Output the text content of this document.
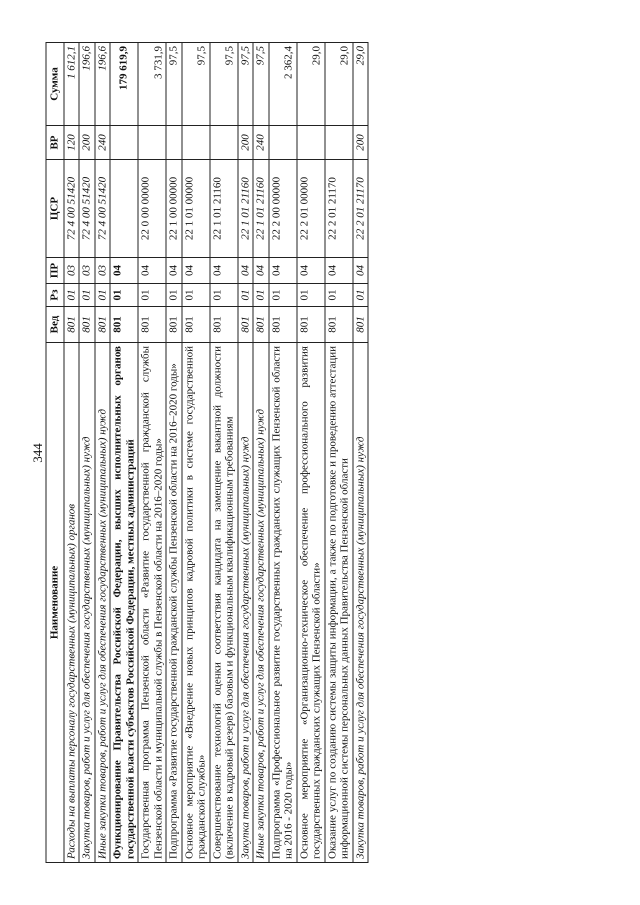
344
Наименование	Вед	Рз	ПР	ЦСР	ВР	Сумма
Расходы на выплаты персоналу государственных (муниципальных) органов	801	01	03	72 4 00 51420	120	1 612,1
Закупка товаров, работ и услуг для обеспечения государственных (муниципальных) нужд	801	01	03	72 4 00 51420	200	196,6
Иные закупки товаров, работ и услуг для обеспечения государственных (муниципальных) нужд	801	01	03	72 4 00 51420	240	196,6
Функционирование Правительства Российской Федерации, высших исполнительных органов государственной власти субъектов Российской Федерации, местных администраций	801	01	04			179 619,9
Государственная программа Пензенской области «Развитие государственной гражданской службы Пензенской области и муниципальной службы в Пензенской области на 2016–2020 годы»	801	01	04	22 0 00 00000		3 731,9
Подпрограмма «Развитие государственной гражданской службы Пензенской области на 2016–2020 годы»	801	01	04	22 1 00 00000		97,5
Основное мероприятие «Внедрение новых принципов кадровой политики в системе государственной гражданской службы»	801	01	04	22 1 01 00000		97,5
Совершенствование технологий оценки соответствия кандидата на замещение вакантной должности (включение в кадровый резерв) базовым и функциональным квалификационным требованиям	801	01	04	22 1 01 21160		97,5
Закупка товаров, работ и услуг для обеспечения государственных (муниципальных) нужд	801	01	04	22 1 01 21160	200	97,5
Иные закупки товаров, работ и услуг для обеспечения государственных (муниципальных) нужд	801	01	04	22 1 01 21160	240	97,5
Подпрограмма «Профессиональное развитие государственных гражданских служащих Пензенской области на 2016 - 2020 годы»	801	01	04	22 2 00 00000		2 362,4
Основное мероприятие «Организационно-техническое обеспечение профессионального развития государственных гражданских служащих Пензенской области»	801	01	04	22 2 01 00000		29,0
Оказание услуг по созданию системы защиты информации, а также по подготовке и проведению аттестации информационной системы персональных данных Правительства Пензенской области	801	01	04	22 2 01 21170		29,0
Закупка товаров, работ и услуг для обеспечения государственных (муниципальных) нужд	801	01	04	22 2 01 21170	200	29,0
